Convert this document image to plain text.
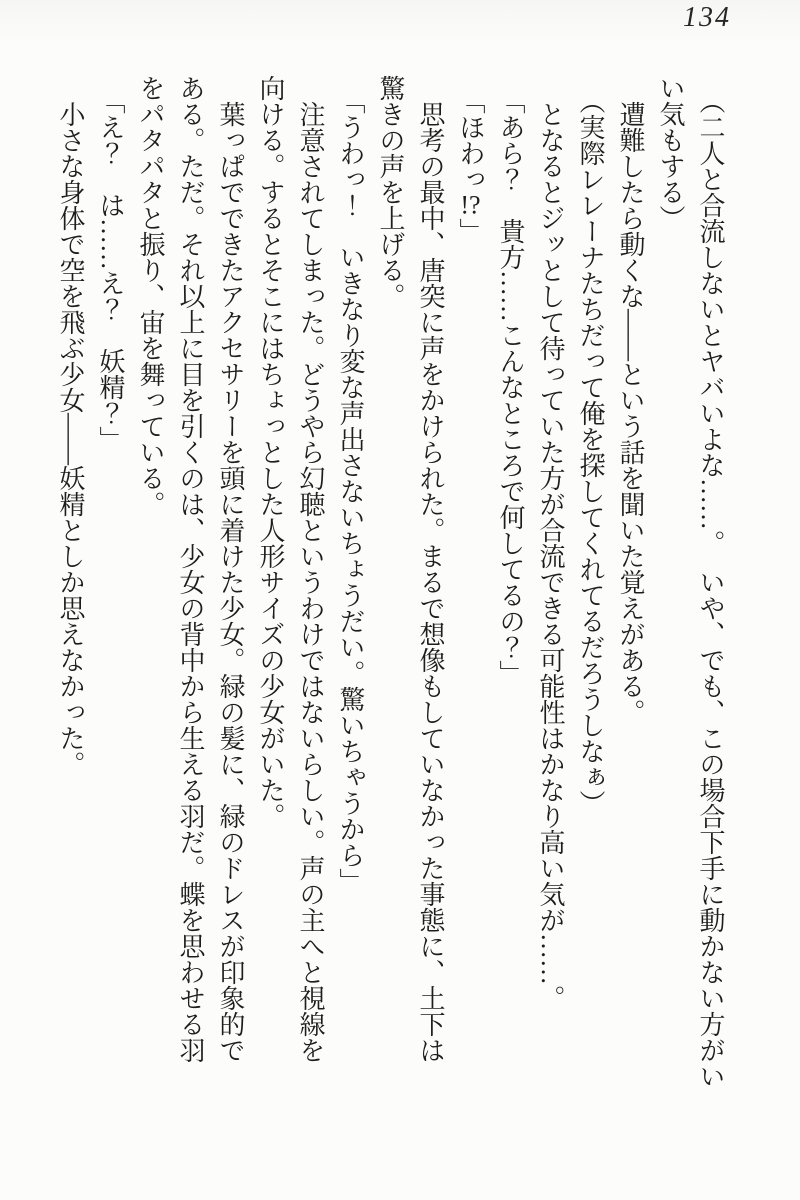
134

（二人と合流しないとヤバいよな……。　いや、でも、この場合下手に動かない方がい

い気もする）

遭難したら動くな――という話を聞いた覚えがある。

（実際レレーナたちだって俺を探してくれてるだろうしなぁ）

となるとジッとして待っていた方が合流できる可能性はかなり高い気が……。

「あら？　貴方……こんなところで何してるの？」

「ほわっ!?」

思考の最中、唐突に声をかけられた。まるで想像もしていなかった事態に、土下は

驚きの声を上げる。

「うわっ！　いきなり変な声出さないちょうだい。驚いちゃうから」

注意されてしまった。どうやら幻聴というわけではないらしい。声の主へと視線を

向ける。するとそこにはちょっとした人形サイズの少女がいた。

葉っぱでできたアクセサリーを頭に着けた少女。緑の髪に、緑のドレスが印象的で

ある。ただ。それ以上に目を引くのは、少女の背中から生える羽だ。蝶を思わせる羽

をパタパタと振り、宙を舞っている。

「え？　は……え？　妖精？」

小さな身体で空を飛ぶ少女――妖精としか思えなかった。
